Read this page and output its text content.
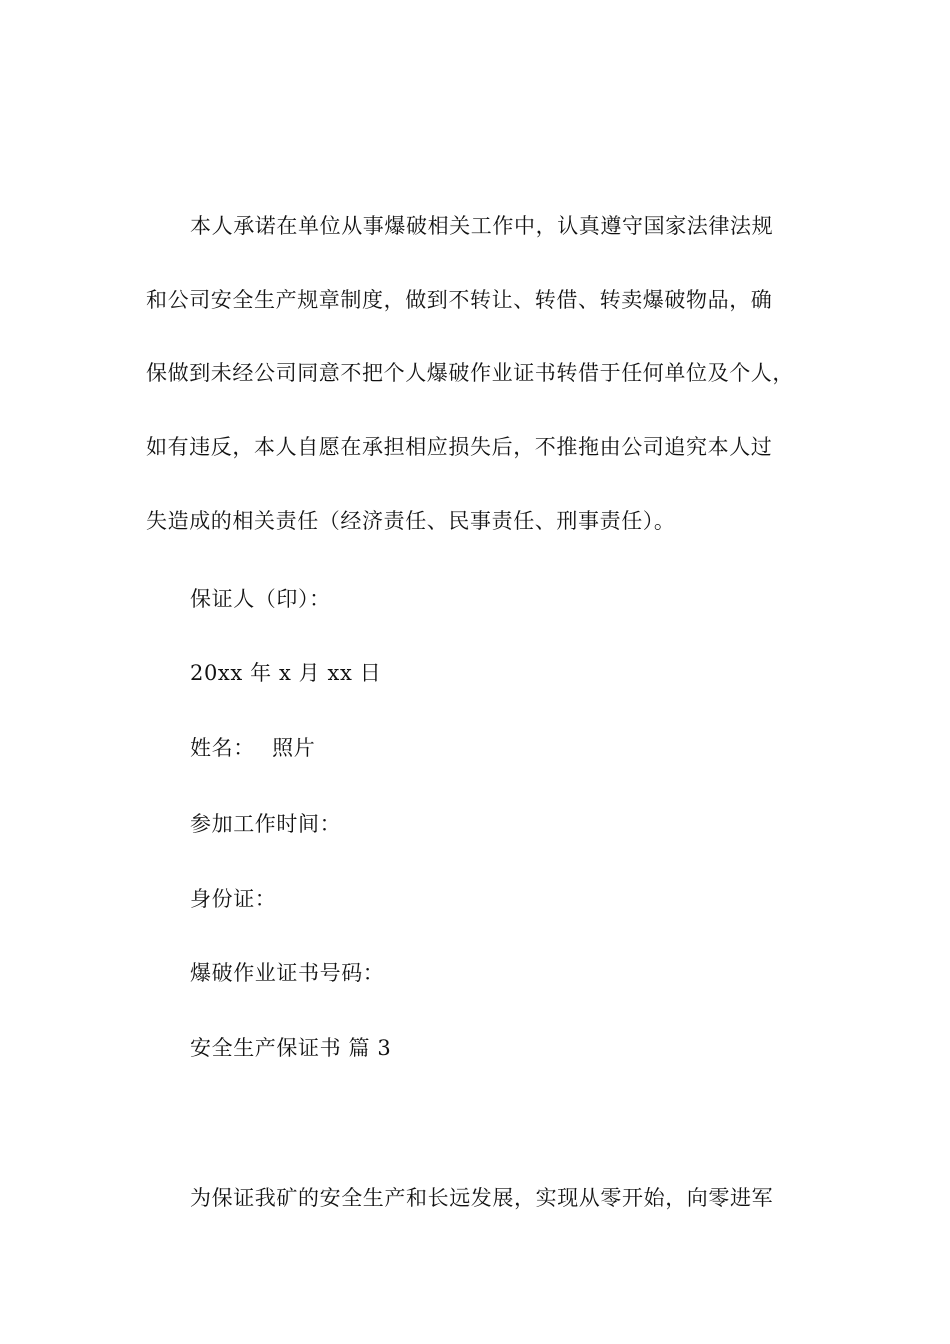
本人承诺在单位从事爆破相关工作中，认真遵守国家法律法规
和公司安全生产规章制度，做到不转让、转借、转卖爆破物品，确
保做到未经公司同意不把个人爆破作业证书转借于任何单位及个人，
如有违反，本人自愿在承担相应损失后，不推拖由公司追究本人过
失造成的相关责任（经济责任、民事责任、刑事责任）。
保证人（印）：
20xx 年 x 月 xx 日
姓名： 照片
参加工作时间：
身份证：
爆破作业证书号码：
安全生产保证书 篇 3
为保证我矿的安全生产和长远发展，实现从零开始，向零进军
